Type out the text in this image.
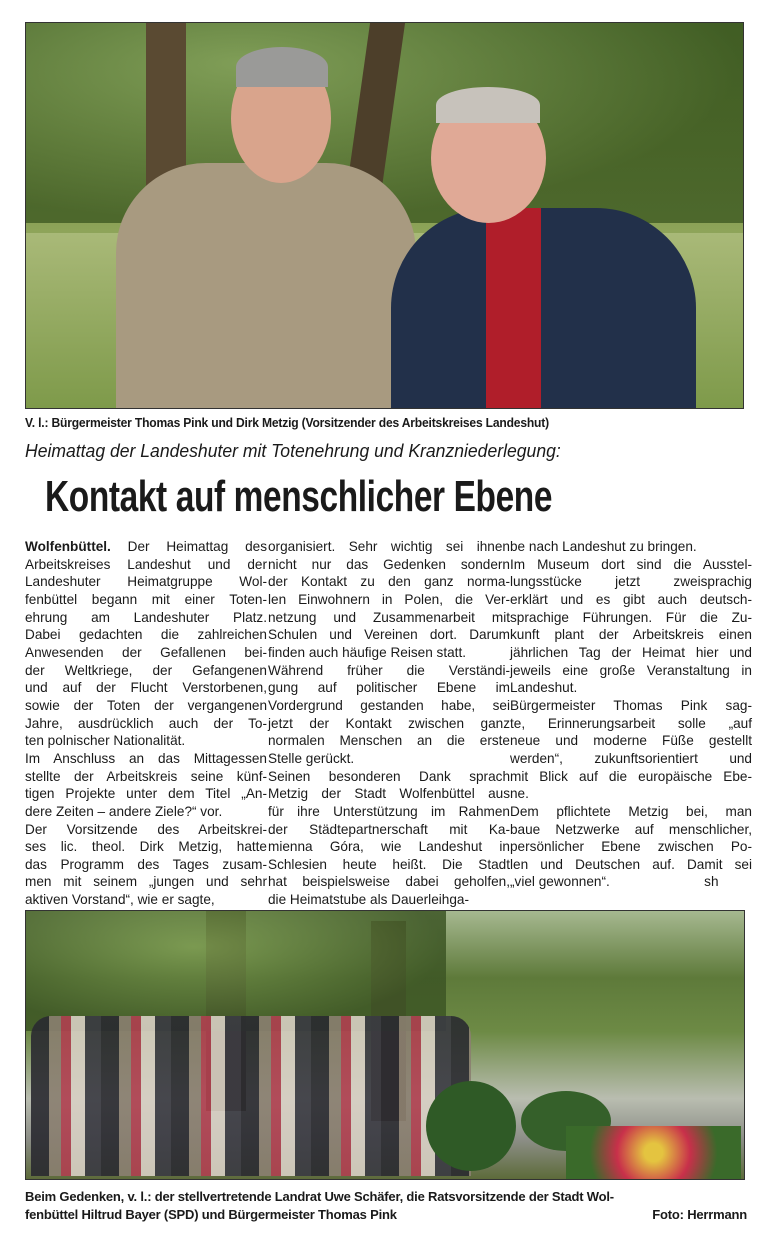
V. l.: Bürgermeister Thomas Pink und Dirk Metzig (Vorsitzender des Arbeitskreises Landeshut)
Heimattag der Landeshuter mit Totenehrung und Kranzniederlegung:
Kontakt auf menschlicher Ebene
Wolfenbüttel. Der Heimattag des
Arbeitskreises Landeshut und der
Landeshuter Heimatgruppe Wol-
fenbüttel begann mit einer Toten-
ehrung am Landeshuter Platz.
Dabei gedachten die zahlreichen
Anwesenden der Gefallenen bei-
der Weltkriege, der Gefangenen
und auf der Flucht Verstorbenen,
sowie der Toten der vergangenen
Jahre, ausdrücklich auch der To-
ten polnischer Nationalität.
Im Anschluss an das Mittagessen
stellte der Arbeitskreis seine künf-
tigen Projekte unter dem Titel „An-
dere Zeiten – andere Ziele?“ vor.
Der Vorsitzende des Arbeitskrei-
ses lic. theol. Dirk Metzig, hatte
das Programm des Tages zusam-
men mit seinem „jungen und sehr
aktiven Vorstand“, wie er sagte,
organisiert. Sehr wichtig sei ihnen
nicht nur das Gedenken sondern
der Kontakt zu den ganz norma-
len Einwohnern in Polen, die Ver-
netzung und Zusammenarbeit mit
Schulen und Vereinen dort. Darum
finden auch häufige Reisen statt.
Während früher die Verständi-
gung auf politischer Ebene im
Vordergrund gestanden habe, sei
jetzt der Kontakt zwischen ganz
normalen Menschen an die erste
Stelle gerückt.
Seinen besonderen Dank sprach
Metzig der Stadt Wolfenbüttel aus
für ihre Unterstützung im Rahmen
der Städtepartnerschaft mit Ka-
mienna Góra, wie Landeshut in
Schlesien heute heißt. Die Stadt
hat beispielsweise dabei geholfen,
die Heimatstube als Dauerleihga-
be nach Landeshut zu bringen.
Im Museum dort sind die Ausstel-
lungsstücke jetzt zweisprachig
erklärt und es gibt auch deutsch-
sprachige Führungen. Für die Zu-
kunft plant der Arbeitskreis einen
jährlichen Tag der Heimat hier und
jeweils eine große Veranstaltung in
Landeshut.
Bürgermeister Thomas Pink sag-
te, Erinnerungsarbeit solle „auf
neue und moderne Füße gestellt
werden“, zukunftsorientiert und
mit Blick auf die europäische Ebe-
ne.
Dem pflichtete Metzig bei, man
baue Netzwerke auf menschlicher,
persönlicher Ebene zwischen Po-
len und Deutschen auf. Damit sei
„viel gewonnen“.                         sh
Beim Gedenken, v. l.: der stellvertretende Landrat Uwe Schäfer, die Ratsvorsitzende der Stadt Wol-
fenbüttel Hiltrud Bayer (SPD) und Bürgermeister Thomas Pink	Foto: Herrmann
